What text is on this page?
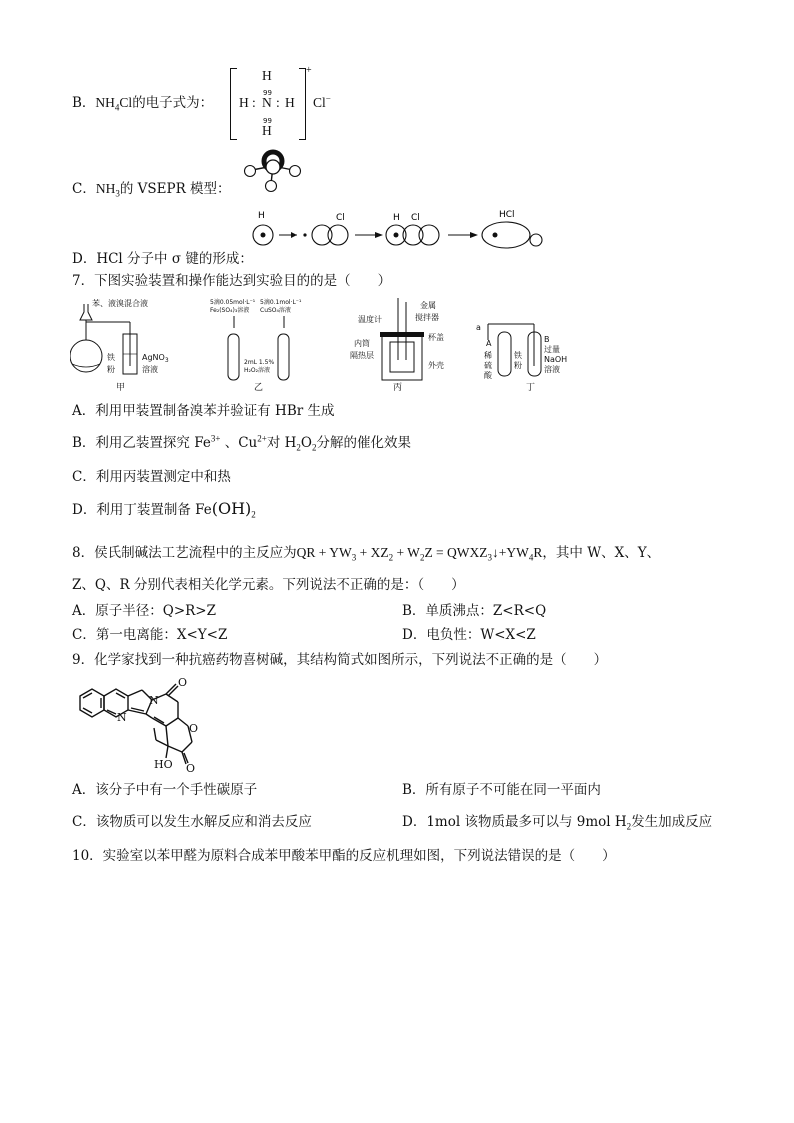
B．$NH_4Cl$的电子式为：
H
99
H : N : H
99
H
+
Cl−
C．$NH_3$的 VSEPR 模型：
D．HCl 分子中 σ 键的形成：
H	Cl	H Cl	HCl
7．下图实验装置和操作能达到实验目的的是（　　）
苯、液溴混合液
铁
粉
AgNO$_3$
溶液
甲
5滴0.05mol·L⁻¹
Fe₂(SO₄)₃溶液
5滴0.1mol·L⁻¹
CuSO₄溶液
2mL 1.5%
H₂O₂溶液
乙
温度计
金属
搅拌器
杯盖
内筒
隔热层
外壳
丙
a
A	B
稀
硫
酸
铁
粉
过量
NaOH
溶液
丁
A．利用甲装置制备溴苯并验证有 HBr 生成
B．利用乙装置探究 $Fe^{3+}$ 、$Cu^{2+}$对 $H_2O_2$分解的催化效果
C．利用丙装置测定中和热
D．利用丁装置制备 $Fe(OH)_2$
8．侯氏制碱法工艺流程中的主反应为QR + $YW_3 + XZ_2 + W_2Z$ = $QWXZ_3↓+YW_4R$，其中 W、X、Y、
Z、Q、R 分别代表相关化学元素。下列说法不正确的是：（　　）
A．原子半径：Q>R>Z	B．单质沸点：Z<R<Q
C．第一电离能：X<Y<Z	D．电负性：W<X<Z
9．化学家找到一种抗癌药物喜树碱，其结构简式如图所示，下列说法不正确的是（　　）
O
N
N
O
O
HO
A．该分子中有一个手性碳原子	B．所有原子不可能在同一平面内
C．该物质可以发生水解反应和消去反应	D．1mol 该物质最多可以与 9mol $H_2$发生加成反应
10．实验室以苯甲醛为原料合成苯甲酸苯甲酯的反应机理如图，下列说法错误的是（　　）
